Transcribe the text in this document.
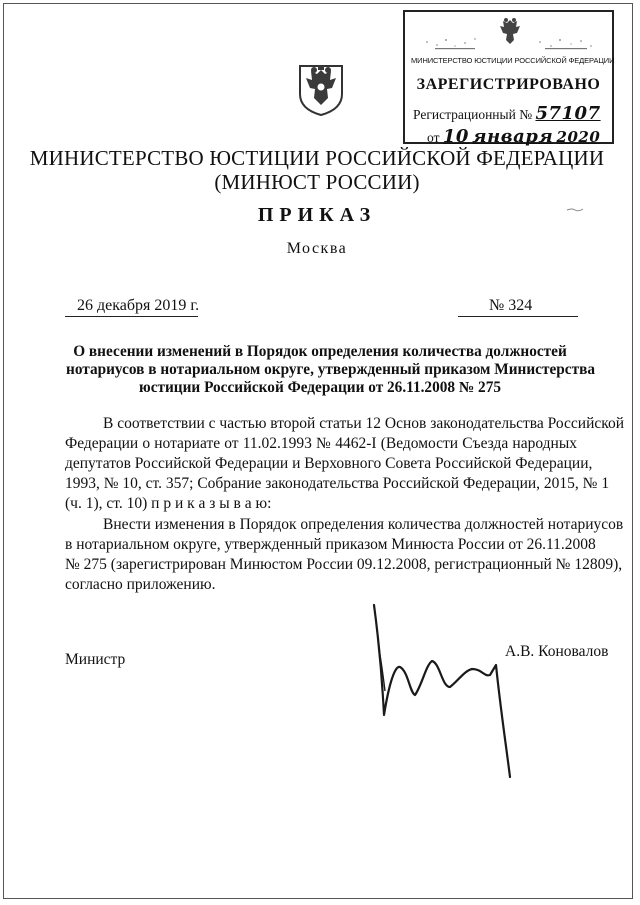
МИНИСТЕРСТВО ЮСТИЦИИ РОССИЙСКОЙ ФЕДЕРАЦИИ
ЗАРЕГИСТРИРОВАНО
Регистрационный № 57107
от 10 января 2020
МИНИСТЕРСТВО ЮСТИЦИИ РОССИЙСКОЙ ФЕДЕРАЦИИ
(МИНЮСТ РОССИИ)
ПРИКАЗ
Москва
26 декабря 2019 г.	№ 324
О внесении изменений в Порядок определения количества должностей
нотариусов в нотариальном округе, утвержденный приказом Министерства
юстиции Российской Федерации от 26.11.2008 № 275
В соответствии с частью второй статьи 12 Основ законодательства Российской
Федерации о нотариате от 11.02.1993 № 4462-I (Ведомости Съезда народных
депутатов Российской Федерации и Верховного Совета Российской Федерации,
1993, № 10, ст. 357; Собрание законодательства Российской Федерации, 2015, № 1
(ч. 1), ст. 10) п р и к а з ы в а ю:
Внести изменения в Порядок определения количества должностей нотариусов
в нотариальном округе, утвержденный приказом Минюста России от 26.11.2008
№ 275 (зарегистрирован Минюстом России 09.12.2008, регистрационный № 12809),
согласно приложению.
Министр	А.В. Коновалов
